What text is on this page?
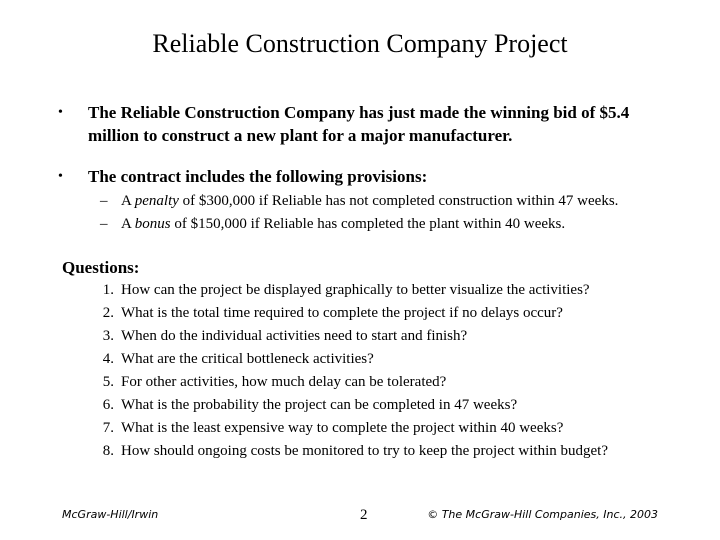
Reliable Construction Company Project
• The Reliable Construction Company has just made the winning bid of $5.4 million to construct a new plant for a major manufacturer.
• The contract includes the following provisions:
– A penalty of $300,000 if Reliable has not completed construction within 47 weeks.
– A bonus of $150,000 if Reliable has completed the plant within 40 weeks.
Questions:
1. How can the project be displayed graphically to better visualize the activities?
2. What is the total time required to complete the project if no delays occur?
3. When do the individual activities need to start and finish?
4. What are the critical bottleneck activities?
5. For other activities, how much delay can be tolerated?
6. What is the probability the project can be completed in 47 weeks?
7. What is the least expensive way to complete the project within 40 weeks?
8. How should ongoing costs be monitored to try to keep the project within budget?
McGraw-Hill/Irwin	2	© The McGraw-Hill Companies, Inc., 2003
